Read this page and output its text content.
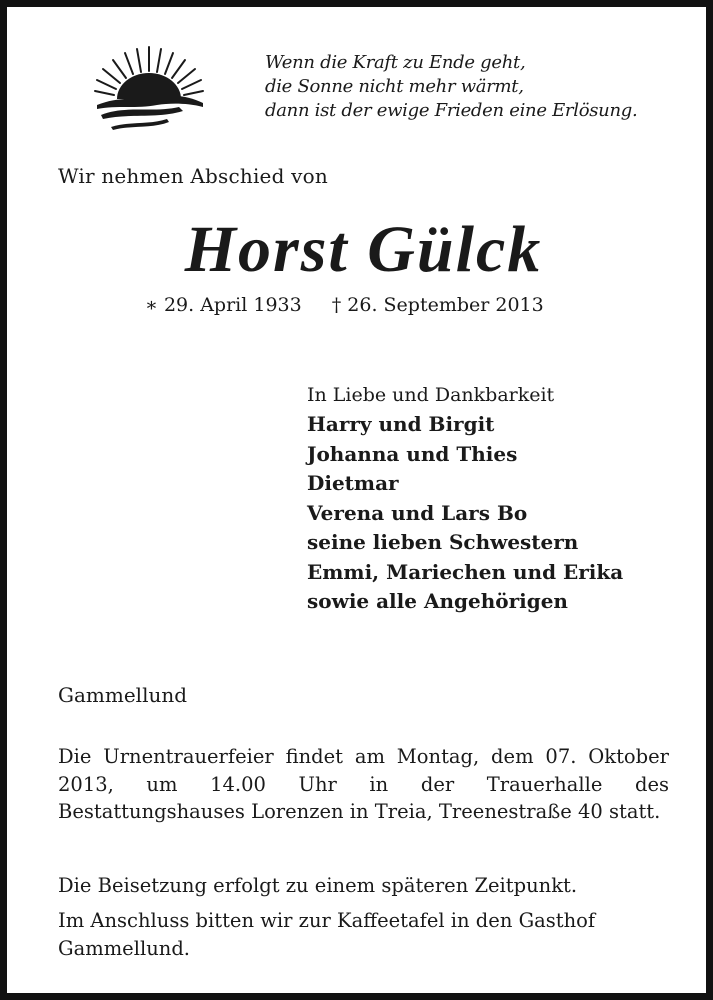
Wenn die Kraft zu Ende geht,
die Sonne nicht mehr wärmt,
dann ist der ewige Frieden eine Erlösung.
Wir nehmen Abschied von
Horst Gülck
∗ 29. April 1933 † 26. September 2013
In Liebe und Dankbarkeit
Harry und Birgit
Johanna und Thies
Dietmar
Verena und Lars Bo
seine lieben Schwestern
Emmi, Mariechen und Erika
sowie alle Angehörigen
Gammellund
Die Urnentrauerfeier findet am Montag, dem 07. Oktober 2013, um 14.00 Uhr in der Trauerhalle des Bestattungshauses Lorenzen in Treia, Treenestraße 40 statt.
Die Beisetzung erfolgt zu einem späteren Zeitpunkt.
Im Anschluss bitten wir zur Kaffeetafel in den Gasthof Gammellund.
